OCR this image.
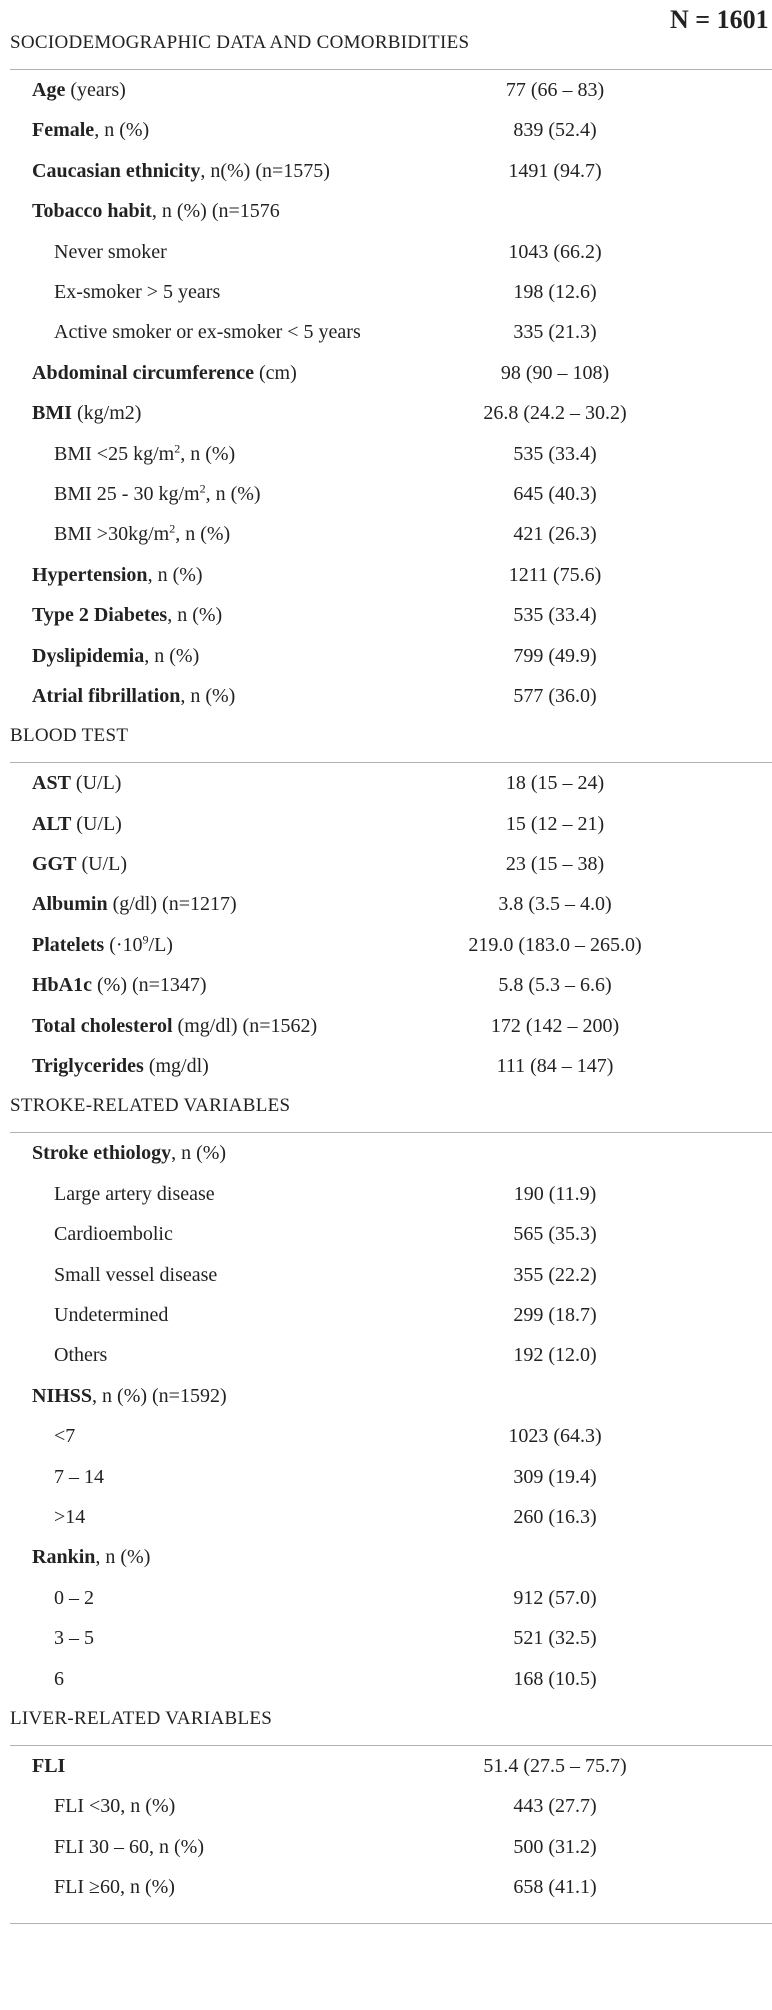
N = 1601
SOCIODEMOGRAPHIC DATA AND COMORBIDITIES
Age (years)	77 (66 – 83)
Female, n (%)	839 (52.4)
Caucasian ethnicity, n(%) (n=1575)	1491 (94.7)
Tobacco habit, n (%) (n=1576
Never smoker	1043 (66.2)
Ex-smoker > 5 years	198 (12.6)
Active smoker or ex-smoker < 5 years	335 (21.3)
Abdominal circumference (cm)	98 (90 – 108)
BMI (kg/m2)	26.8 (24.2 – 30.2)
BMI <25 $kg/m^2$, n (%)	535 (33.4)
BMI 25 - 30 $kg/m^2$, n (%)	645 (40.3)
BMI $>30kg/m^2$, n (%)	421 (26.3)
Hypertension, n (%)	1211 (75.6)
Type 2 Diabetes, n (%)	535 (33.4)
Dyslipidemia, n (%)	799 (49.9)
Atrial fibrillation, n (%)	577 (36.0)
BLOOD TEST
AST (U/L)	18 (15 – 24)
ALT (U/L)	15 (12 – 21)
GGT (U/L)	23 (15 – 38)
Albumin (g/dl) (n=1217)	3.8 (3.5 – 4.0)
Platelets $(\cdot 10^9/L)$	219.0 (183.0 – 265.0)
HbA1c (%) (n=1347)	5.8 (5.3 – 6.6)
Total cholesterol (mg/dl) (n=1562)	172 (142 – 200)
Triglycerides (mg/dl)	111 (84 – 147)
STROKE-RELATED VARIABLES
Stroke ethiology, n (%)
Large artery disease	190 (11.9)
Cardioembolic	565 (35.3)
Small vessel disease	355 (22.2)
Undetermined	299 (18.7)
Others	192 (12.0)
NIHSS, n (%) (n=1592)
<7	1023 (64.3)
7 – 14	309 (19.4)
>14	260 (16.3)
Rankin, n (%)
0 – 2	912 (57.0)
3 – 5	521 (32.5)
6	168 (10.5)
LIVER-RELATED VARIABLES
FLI	51.4 (27.5 – 75.7)
FLI <30, n (%)	443 (27.7)
FLI 30 – 60, n (%)	500 (31.2)
FLI ≥60, n (%)	658 (41.1)
